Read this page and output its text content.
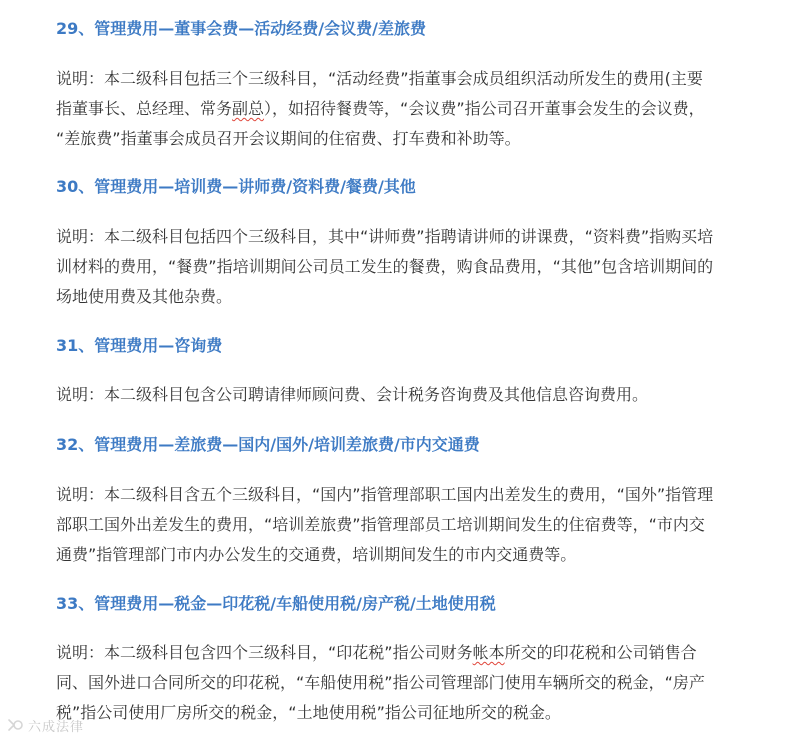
29、管理费用—董事会费—活动经费/会议费/差旅费
说明：本二级科目包括三个三级科目，“活动经费”指董事会成员组织活动所发生的费用(主要
指董事长、总经理、常务副总），如招待餐费等，“会议费”指公司召开董事会发生的会议费，
“差旅费”指董事会成员召开会议期间的住宿费、打车费和补助等。
30、管理费用—培训费—讲师费/资料费/餐费/其他
说明：本二级科目包括四个三级科目，其中“讲师费”指聘请讲师的讲课费，“资料费”指购买培
训材料的费用，“餐费”指培训期间公司员工发生的餐费，购食品费用，“其他”包含培训期间的
场地使用费及其他杂费。
31、管理费用—咨询费
说明：本二级科目包含公司聘请律师顾问费、会计税务咨询费及其他信息咨询费用。
32、管理费用—差旅费—国内/国外/培训差旅费/市内交通费
说明：本二级科目含五个三级科目，“国内”指管理部职工国内出差发生的费用，“国外”指管理
部职工国外出差发生的费用，“培训差旅费”指管理部员工培训期间发生的住宿费等，“市内交
通费”指管理部门市内办公发生的交通费，培训期间发生的市内交通费等。
33、管理费用—税金—印花税/车船使用税/房产税/土地使用税
说明：本二级科目包含四个三级科目，“印花税”指公司财务帐本所交的印花税和公司销售合
同、国外进口合同所交的印花税，“车船使用税”指公司管理部门使用车辆所交的税金，“房产
税”指公司使用厂房所交的税金，“土地使用税”指公司征地所交的税金。
六成法律
